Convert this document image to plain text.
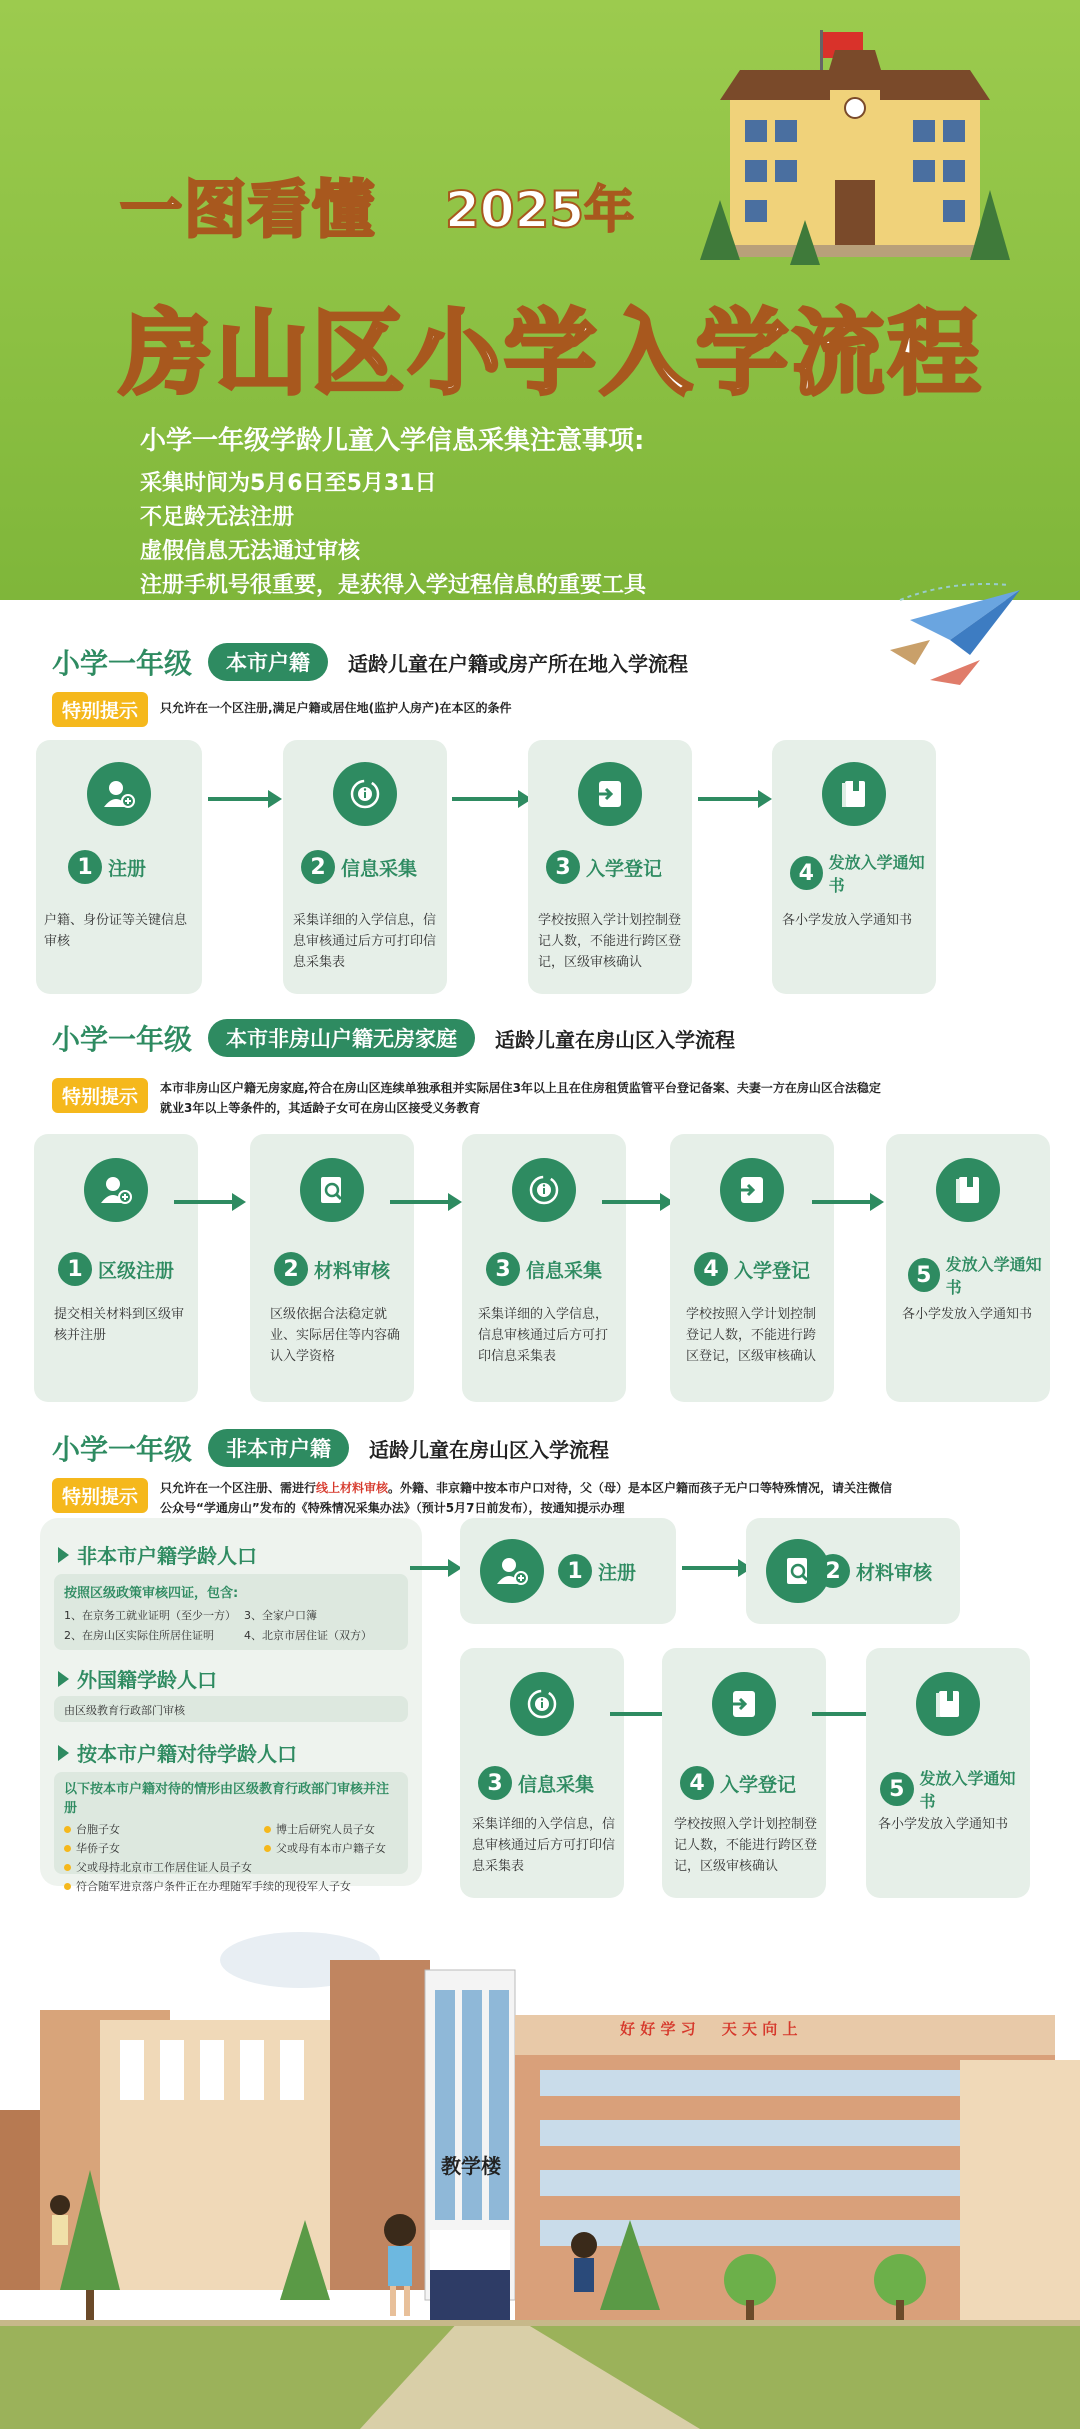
一图看懂 2025年
房山区小学入学流程
小学一年级学龄儿童入学信息采集注意事项:
采集时间为5月6日至5月31日
不足龄无法注册
虚假信息无法通过审核
注册手机号很重要，是获得入学过程信息的重要工具
小学一年级	本市户籍	适龄儿童在户籍或房产所在地入学流程
特别提示	只允许在一个区注册,满足户籍或居住地(监护人房产)在本区的条件
1 注册
户籍、身份证等关键信息审核
2 信息采集
采集详细的入学信息，信息审核通过后方可打印信息采集表
3 入学登记
学校按照入学计划控制登记人数，不能进行跨区登记，区级审核确认
4 发放入学通知书
各小学发放入学通知书
小学一年级	本市非房山户籍无房家庭	适龄儿童在房山区入学流程
特别提示	本市非房山区户籍无房家庭,符合在房山区连续单独承租并实际居住3年以上且在住房租赁监管平台登记备案、夫妻一方在房山区合法稳定就业3年以上等条件的，其适龄子女可在房山区接受义务教育
1 区级注册
提交相关材料到区级审核并注册
2 材料审核
区级依据合法稳定就业、实际居住等内容确认入学资格
3 信息采集
采集详细的入学信息，信息审核通过后方可打印信息采集表
4 入学登记
学校按照入学计划控制登记人数，不能进行跨区登记，区级审核确认
5 发放入学通知书
各小学发放入学通知书
小学一年级	非本市户籍	适龄儿童在房山区入学流程
特别提示	只允许在一个区注册、需进行线上材料审核。外籍、非京籍中按本市户口对待，父（母）是本区户籍而孩子无户口等特殊情况，请关注微信公众号“学通房山”发布的《特殊情况采集办法》（预计5月7日前发布），按通知提示办理
非本市户籍学龄人口
按照区级政策审核四证，包含:
1、在京务工就业证明（至少一方） 3、全家户口簿
2、在房山区实际住所居住证明	4、北京市居住证（双方）
外国籍学龄人口
由区级教育行政部门审核
按本市户籍对待学龄人口
以下按本市户籍对待的情形由区级教育行政部门审核并注册
台胞子女	博士后研究人员子女
华侨子女	父或母有本市户籍子女
父或母持北京市工作居住证人员子女
符合随军进京落户条件正在办理随军手续的现役军人子女
1 注册	2 材料审核
3 信息采集
采集详细的入学信息，信息审核通过后方可打印信息采集表
4 入学登记
学校按照入学计划控制登记人数，不能进行跨区登记，区级审核确认
5 发放入学通知书
各小学发放入学通知书
教学楼
好 好 学 习     天 天 向 上
